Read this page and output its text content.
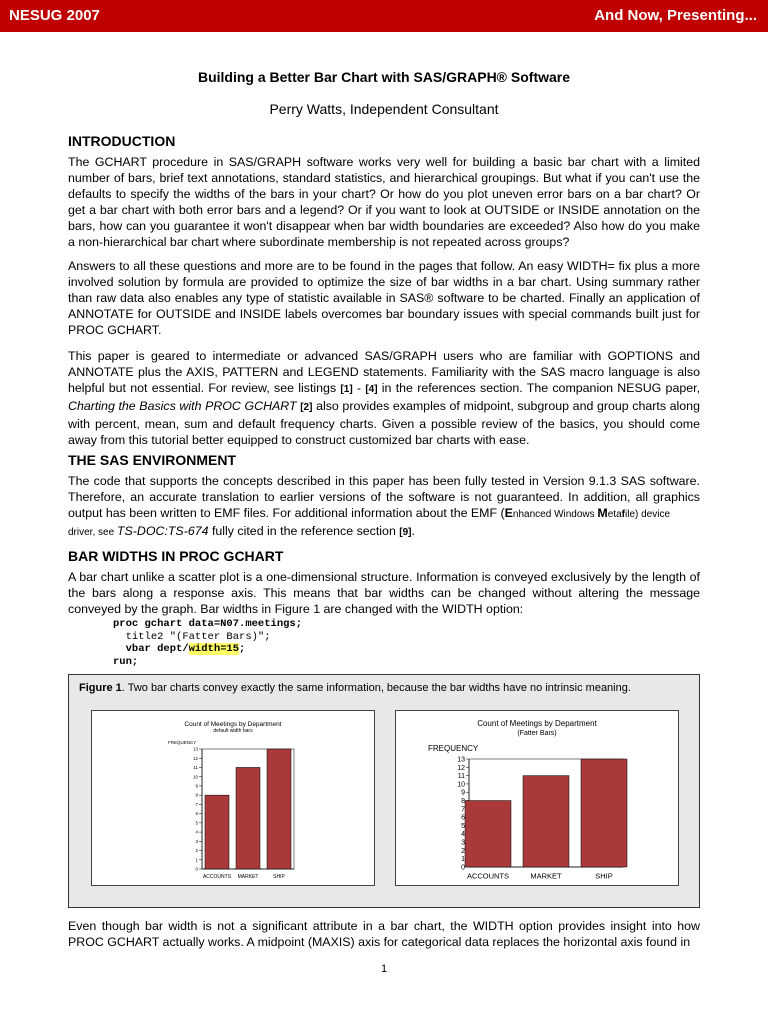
NESUG 2007	And Now, Presenting...
Building a Better Bar Chart with SAS/GRAPH® Software
Perry Watts, Independent Consultant
INTRODUCTION

The GCHART procedure in SAS/GRAPH software works very well for building a basic bar chart with a limited number of bars, brief text annotations, standard statistics, and hierarchical groupings. But what if you can't use the defaults to specify the widths of the bars in your chart? Or how do you plot uneven error bars on a bar chart? Or get a bar chart with both error bars and a legend? Or if you want to look at OUTSIDE or INSIDE annotation on the bars, how can you guarantee it won't disappear when bar width boundaries are exceeded? Also how do you make a non-hierarchical bar chart where subordinate membership is not repeated across groups?

Answers to all these questions and more are to be found in the pages that follow. An easy WIDTH= fix plus a more involved solution by formula are provided to optimize the size of bar widths in a bar chart. Using summary rather than raw data also enables any type of statistic available in SAS® software to be charted. Finally an application of ANNOTATE for OUTSIDE and INSIDE labels overcomes bar boundary issues with special commands built just for PROC GCHART.

This paper is geared to intermediate or advanced SAS/GRAPH users who are familiar with GOPTIONS and ANNOTATE plus the AXIS, PATTERN and LEGEND statements. Familiarity with the SAS macro language is also helpful but not essential. For review, see listings [1] - [4] in the references section. The companion NESUG paper, Charting the Basics with PROC GCHART [2] also provides examples of midpoint, subgroup and group charts along with percent, mean, sum and default frequency charts. Given a possible review of the basics, you should come away from this tutorial better equipped to construct customized bar charts with ease.

THE SAS ENVIRONMENT

The code that supports the concepts described in this paper has been fully tested in Version 9.1.3 SAS software. Therefore, an accurate translation to earlier versions of the software is not guaranteed. In addition, all graphics output has been written to EMF files. For additional information about the EMF (Enhanced Windows Metafile) device
driver, see TS-DOC:TS-674 fully cited in the reference section [9].

BAR WIDTHS IN PROC GCHART

A bar chart unlike a scatter plot is a one-dimensional structure. Information is conveyed exclusively by the length of the bars along a response axis. This means that bar widths can be changed without altering the message conveyed by the graph. Bar widths in Figure 1 are changed with the WIDTH option:

proc gchart data=N07.meetings;
title2 "(Fatter Bars)";
vbar dept/width=15;
run;
Figure 1. Two bar charts convey exactly the same information, because the bar widths have no intrinsic meaning.
Count of Meetings by Department
default width bars
FREQUENCY
0
1
2
3
4
5
6
7
8
9
10
11
12
13
ACCOUNTS MARKET	SHIP
Count of Meetings by Department
(Fatter Bars)
FREQUENCY
0
1
2
3
4
5
6
7
8
9
10
11
12
13
ACCOUNTS	MARKET	SHIP

Even though bar width is not a significant attribute in a bar chart, the WIDTH option provides insight into how PROC GCHART actually works. A midpoint (MAXIS) axis for categorical data replaces the horizontal axis found in

1
